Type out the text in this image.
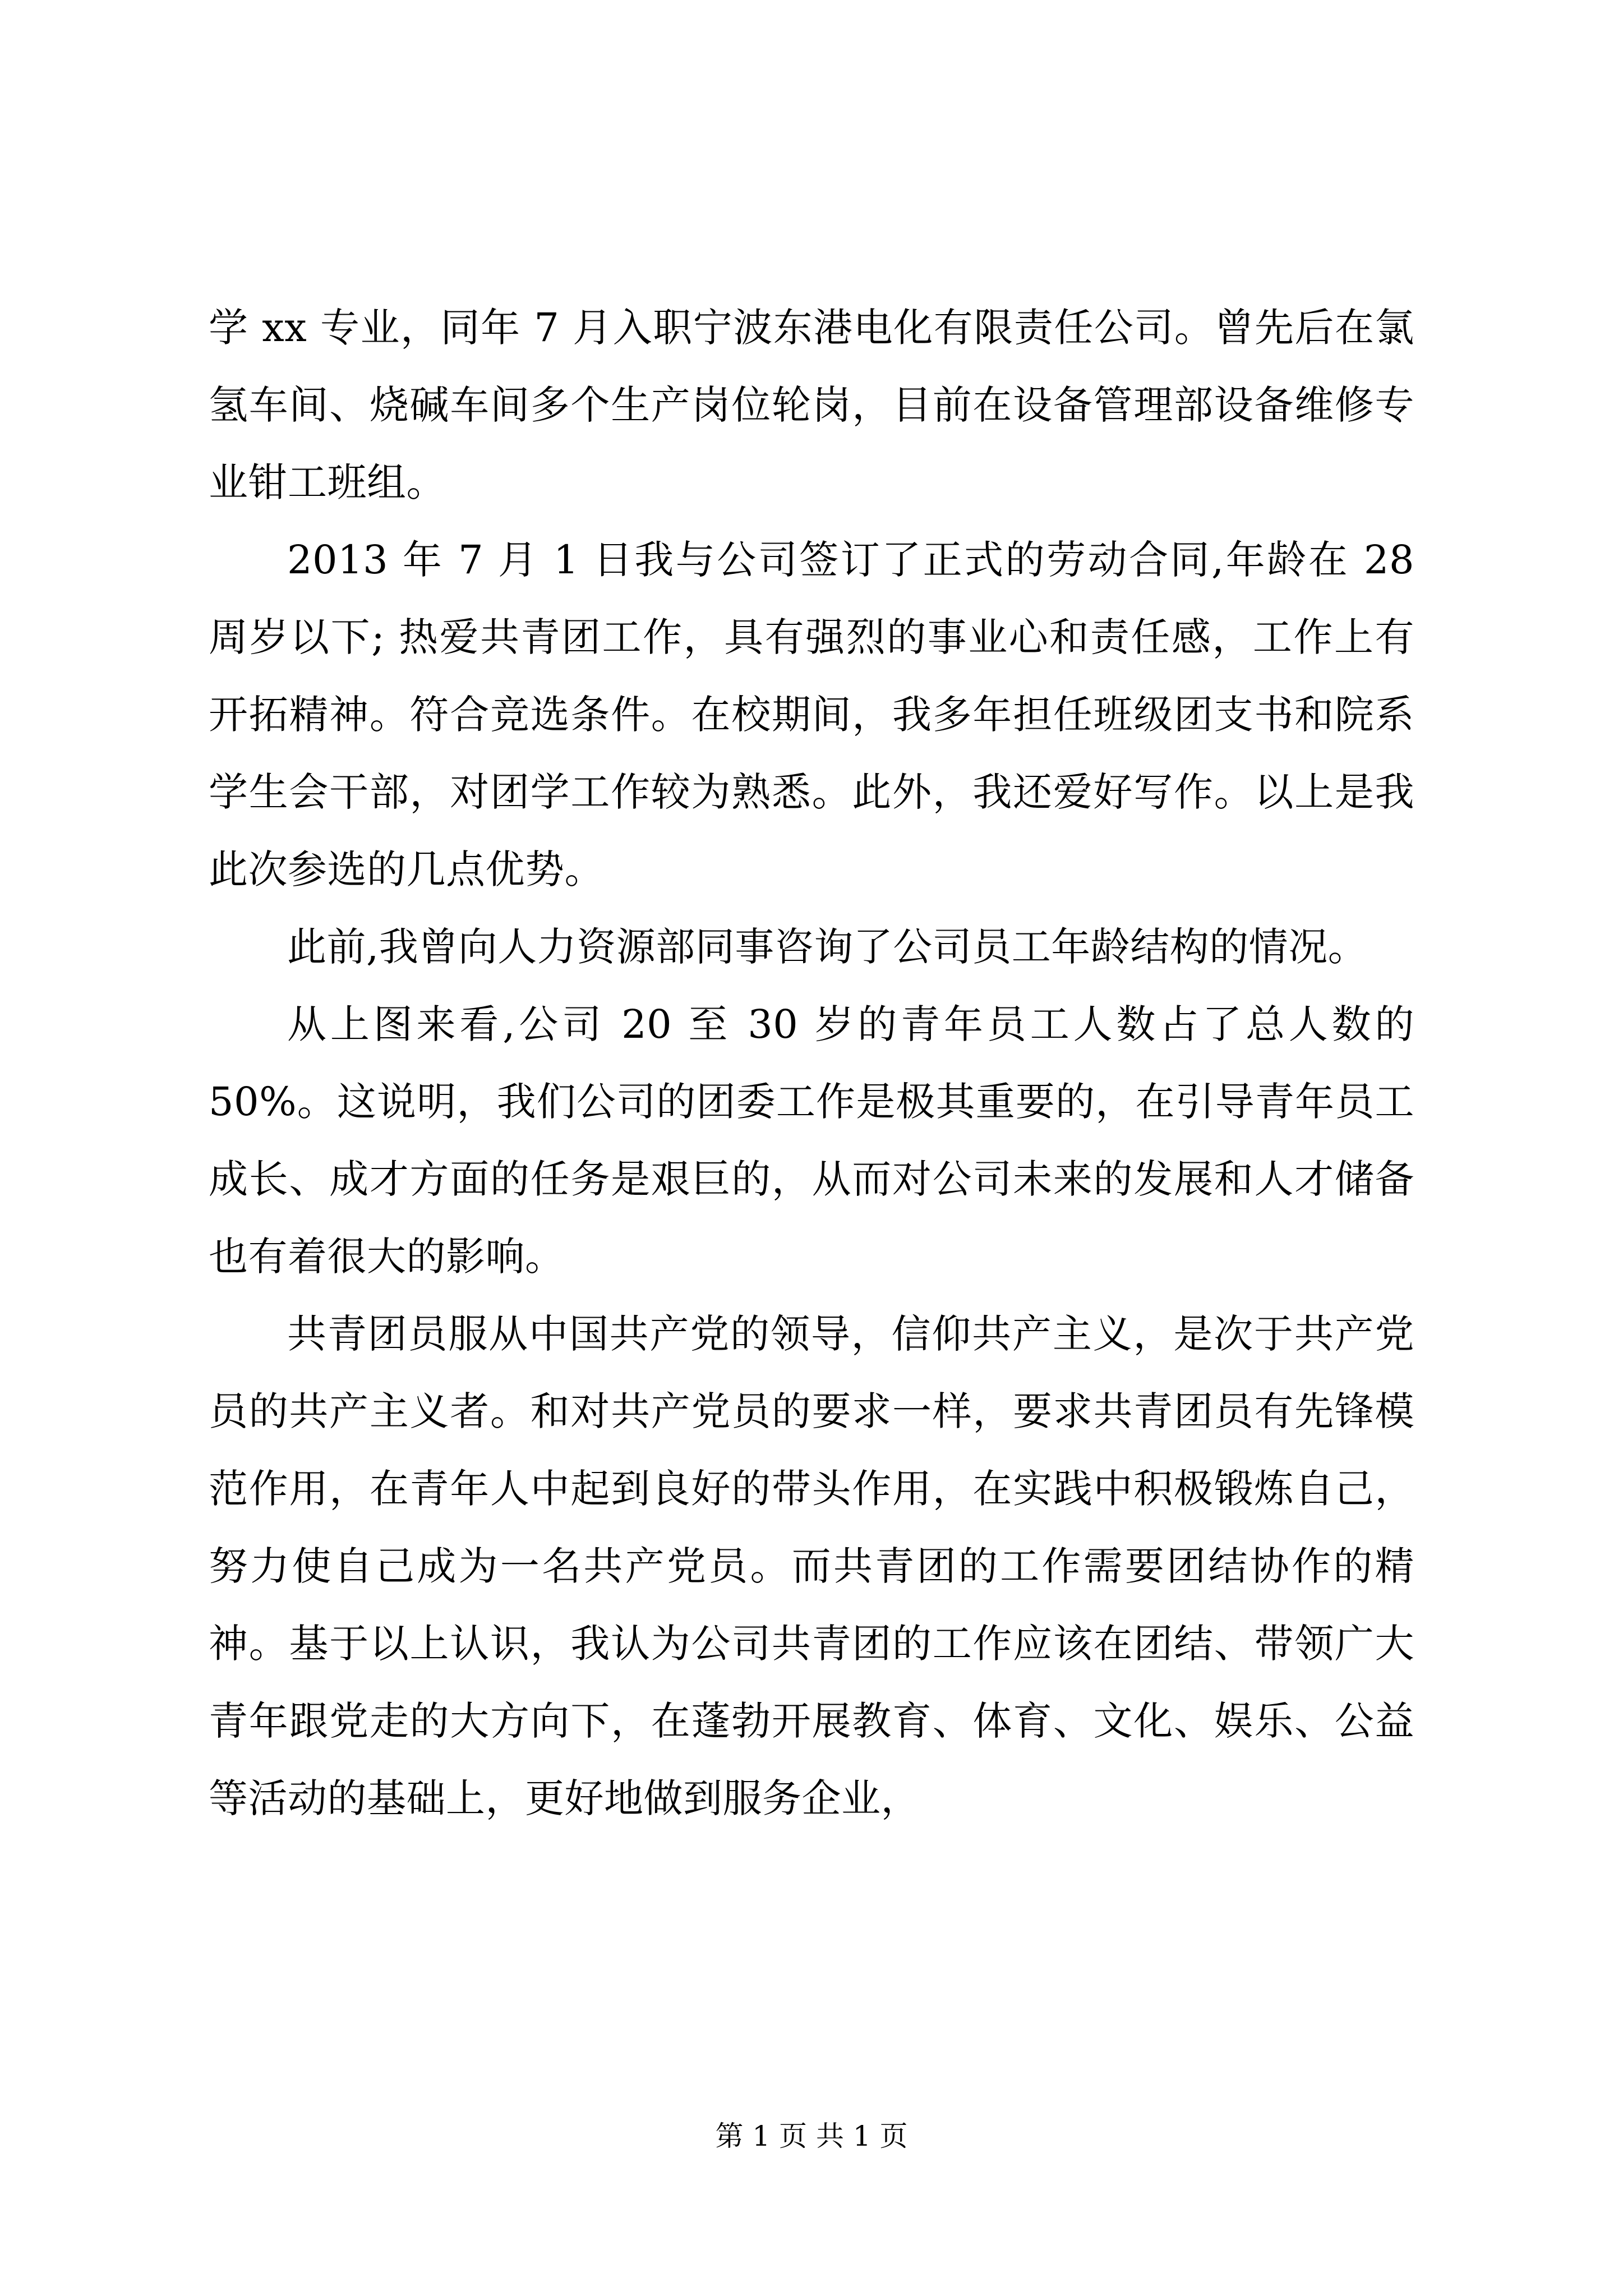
学 xx 专业，同年 7 月入职宁波东港电化有限责任公司。曾先后在氯氢车间、烧碱车间多个生产岗位轮岗，目前在设备管理部设备维修专业钳工班组。

2013 年 7 月 1 日我与公司签订了正式的劳动合同,年龄在 28 周岁以下; 热爱共青团工作，具有强烈的事业心和责任感，工作上有开拓精神。符合竞选条件。在校期间，我多年担任班级团支书和院系学生会干部，对团学工作较为熟悉。此外，我还爱好写作。以上是我此次参选的几点优势。

此前,我曾向人力资源部同事咨询了公司员工年龄结构的情况。

从上图来看,公司 20 至 30 岁的青年员工人数占了总人数的 50%。这说明，我们公司的团委工作是极其重要的，在引导青年员工成长、成才方面的任务是艰巨的，从而对公司未来的发展和人才储备也有着很大的影响。

共青团员服从中国共产党的领导，信仰共产主义，是次于共产党员的共产主义者。和对共产党员的要求一样，要求共青团员有先锋模范作用，在青年人中起到良好的带头作用，在实践中积极锻炼自己，努力使自己成为一名共产党员。而共青团的工作需要团结协作的精神。基于以上认识，我认为公司共青团的工作应该在团结、带领广大青年跟党走的大方向下，在蓬勃开展教育、体育、文化、娱乐、公益等活动的基础上，更好地做到服务企业，

第 1 页 共 1 页
